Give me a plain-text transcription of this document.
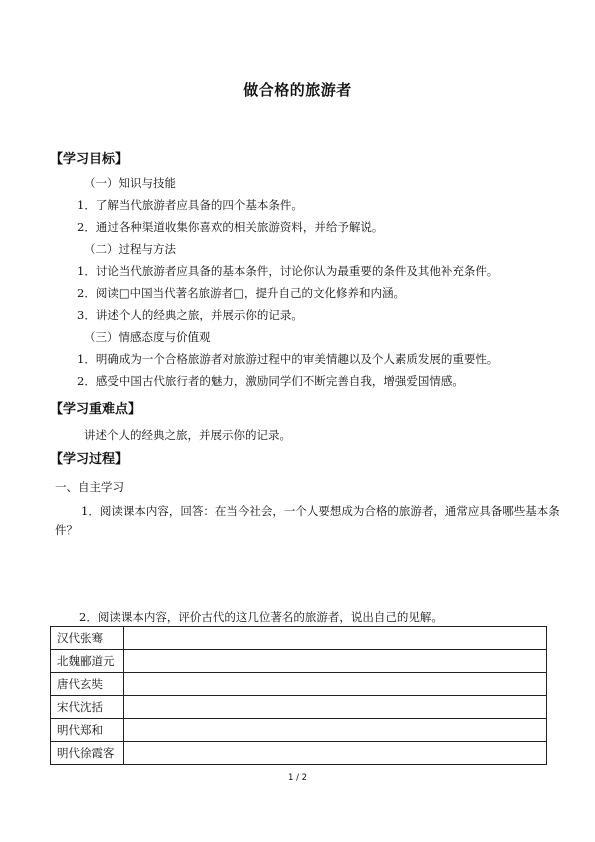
做合格的旅游者
【学习目标】
（一）知识与技能
1．了解当代旅游者应具备的四个基本条件。
2．通过各种渠道收集你喜欢的相关旅游资料，并给予解说。
（二）过程与方法
1．讨论当代旅游者应具备的基本条件，讨论你认为最重要的条件及其他补充条件。
2．阅读□中国当代著名旅游者□，提升自己的文化修养和内涵。
3．讲述个人的经典之旅，并展示你的记录。
（三）情感态度与价值观
1．明确成为一个合格旅游者对旅游过程中的审美情趣以及个人素质发展的重要性。
2．感受中国古代旅行者的魅力，激励同学们不断完善自我，增强爱国情感。
【学习重难点】
讲述个人的经典之旅，并展示你的记录。
【学习过程】
一、自主学习
1．阅读课本内容，回答：在当今社会，一个人要想成为合格的旅游者，通常应具备哪些基本条件？
2．阅读课本内容，评价古代的这几位著名的旅游者，说出自己的见解。
汉代张骞	
北魏郦道元	
唐代玄奘	
宋代沈括	
明代郑和	
明代徐霞客	
1 / 2
